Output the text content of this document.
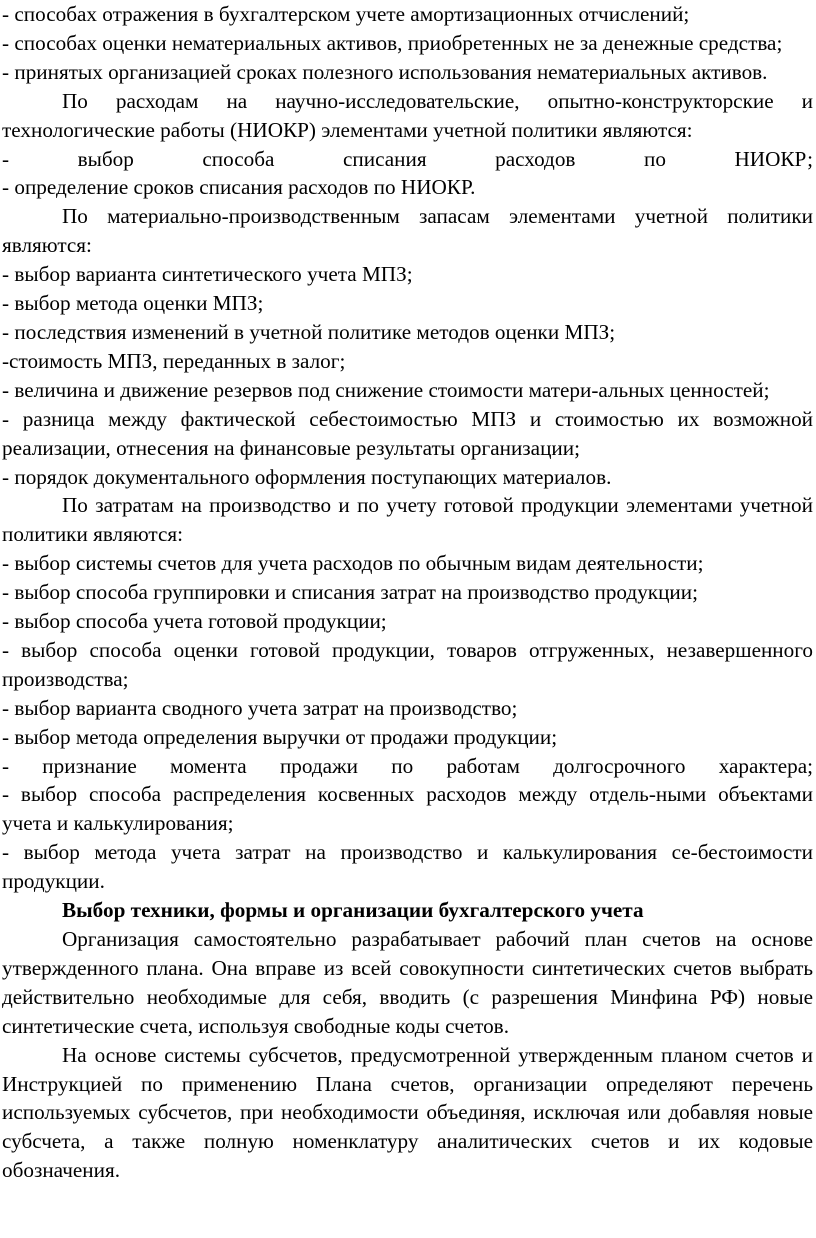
- способах отражения в бухгалтерском учете амортизационных отчислений;

- способах оценки нематериальных активов, приобретенных не за денежные средства;

- принятых организацией сроках полезного использования нематериальных активов.

По расходам на научно-исследовательские, опытно-конструкторские и технологические работы (НИОКР) элементами учетной политики являются:

- выбор способа списания расходов по НИОКР;

- определение сроков списания расходов по НИОКР.

По материально-производственным запасам элементами учетной политики являются:

- выбор варианта синтетического учета МПЗ;

- выбор метода оценки МПЗ;

- последствия изменений в учетной политике методов оценки МПЗ;

-стоимость МПЗ, переданных в залог;

- величина и движение резервов под снижение стоимости матери-альных ценностей;

- разница между фактической себестоимостью МПЗ и стоимостью их возможной реализации, отнесения на финансовые результаты организации;

- порядок документального оформления поступающих материалов.

По затратам на производство и по учету готовой продукции элементами учетной политики являются:

- выбор системы счетов для учета расходов по обычным видам деятельности;

- выбор способа группировки и списания затрат на производство продукции;

- выбор способа учета готовой продукции;

- выбор способа оценки готовой продукции, товаров отгруженных, незавершенного производства;

- выбор варианта сводного учета затрат на производство;

- выбор метода определения выручки от продажи продукции;

- признание момента продажи по работам долгосрочного характера;

- выбор способа распределения косвенных расходов между отдель-ными объектами учета и калькулирования;

- выбор метода учета затрат на производство и калькулирования се-бестоимости продукции.

Выбор техники, формы и организации бухгалтерского учета

Организация самостоятельно разрабатывает рабочий план счетов на основе утвержденного плана. Она вправе из всей совокупности синтетических счетов выбрать действительно необходимые для себя, вводить (с разрешения Минфина РФ) новые синтетические счета, используя свободные коды счетов.

На основе системы субсчетов, предусмотренной утвержденным планом счетов и Инструкцией по применению Плана счетов, организации определяют перечень используемых субсчетов, при необходимости объединяя, исключая или добавляя новые субсчета, а также полную номенклатуру аналитических счетов и их кодовые обозначения.
